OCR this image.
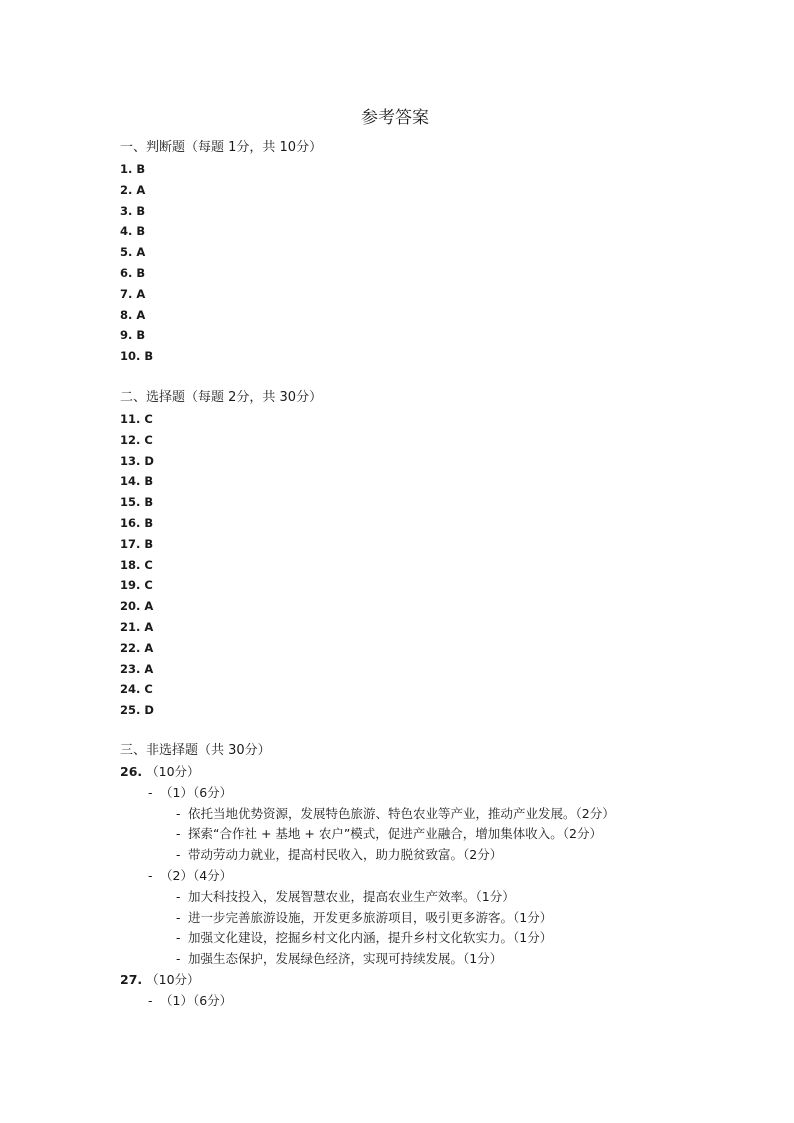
参考答案
一、判断题（每题 1分，共 10分）
1. B
2. A
3. B
4. B
5. A
6. B
7. A
8. A
9. B
10. B
二、选择题（每题 2分，共 30分）
11. C
12. C
13. D
14. B
15. B
16. B
17. B
18. C
19. C
20. A
21. A
22. A
23. A
24. C
25. D
三、非选择题（共 30分）
26. （10分）
- （1）（6分）
- 依托当地优势资源，发展特色旅游、特色农业等产业，推动产业发展。（2分）
- 探索“合作社 + 基地 + 农户”模式，促进产业融合，增加集体收入。（2分）
- 带动劳动力就业，提高村民收入，助力脱贫致富。（2分）
- （2）（4分）
- 加大科技投入，发展智慧农业，提高农业生产效率。（1分）
- 进一步完善旅游设施，开发更多旅游项目，吸引更多游客。（1分）
- 加强文化建设，挖掘乡村文化内涵，提升乡村文化软实力。（1分）
- 加强生态保护，发展绿色经济，实现可持续发展。（1分）
27. （10分）
- （1）（6分）
